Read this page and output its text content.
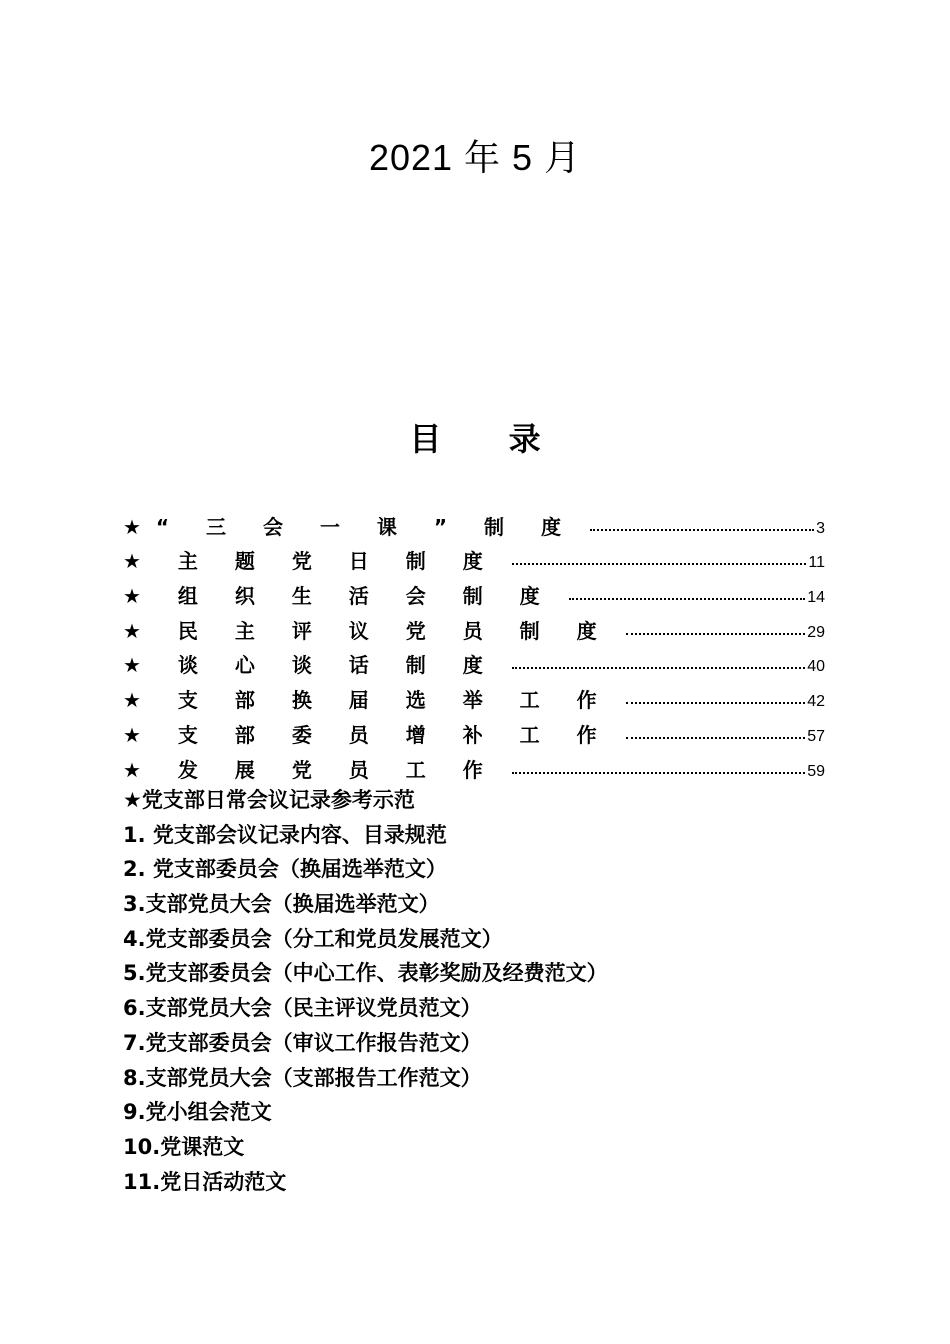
2021 年 5 月
目 录
★“ 三 会 一 课 ” 制 度	3
★ 主 题 党 日 制 度	11
★ 组 织 生 活 会 制 度	14
★ 民 主 评 议 党 员 制 度	29
★ 谈 心 谈 话 制 度	40
★ 支 部 换 届 选 举 工 作	42
★ 支 部 委 员 增 补 工 作	57
★ 发 展 党 员 工 作	59
★党支部日常会议记录参考示范
1. 党支部会议记录内容、目录规范
2. 党支部委员会（换届选举范文）
3.支部党员大会（换届选举范文）
4.党支部委员会（分工和党员发展范文）
5.党支部委员会（中心工作、表彰奖励及经费范文）
6.支部党员大会（民主评议党员范文）
7.党支部委员会（审议工作报告范文）
8.支部党员大会（支部报告工作范文）
9.党小组会范文
10.党课范文
11.党日活动范文
